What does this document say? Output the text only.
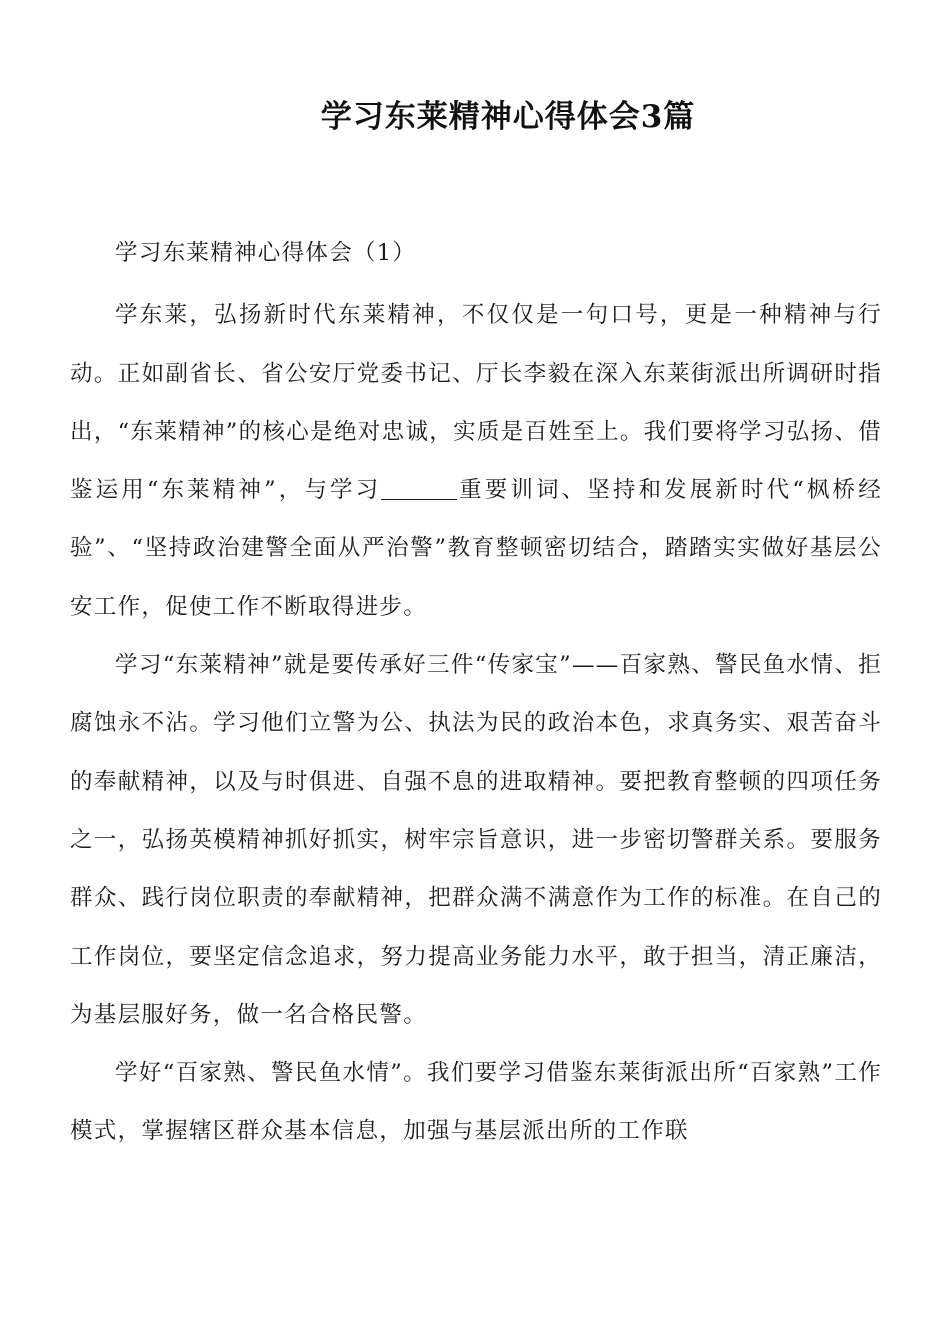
学习东莱精神心得体会3篇

学习东莱精神心得体会（1）

学东莱，弘扬新时代东莱精神，不仅仅是一句口号，更是一种精神与行动。正如副省长、省公安厅党委书记、厅长李毅在深入东莱街派出所调研时指出，“东莱精神”的核心是绝对忠诚，实质是百姓至上。我们要将学习弘扬、借鉴运用“东莱精神”，与学习	重要训词、坚持和发展新时代“枫桥经验”、“坚持政治建警全面从严治警”教育整顿密切结合，踏踏实实做好基层公安工作，促使工作不断取得进步。

学习“东莱精神”就是要传承好三件“传家宝”——百家熟、警民鱼水情、拒腐蚀永不沾。学习他们立警为公、执法为民的政治本色，求真务实、艰苦奋斗的奉献精神，以及与时俱进、自强不息的进取精神。要把教育整顿的四项任务之一，弘扬英模精神抓好抓实，树牢宗旨意识，进一步密切警群关系。要服务群众、践行岗位职责的奉献精神，把群众满不满意作为工作的标准。在自己的工作岗位，要坚定信念追求，努力提高业务能力水平，敢于担当，清正廉洁，为基层服好务，做一名合格民警。

学好“百家熟、警民鱼水情”。我们要学习借鉴东莱街派出所“百家熟”工作模式，掌握辖区群众基本信息，加强与基层派出所的工作联
